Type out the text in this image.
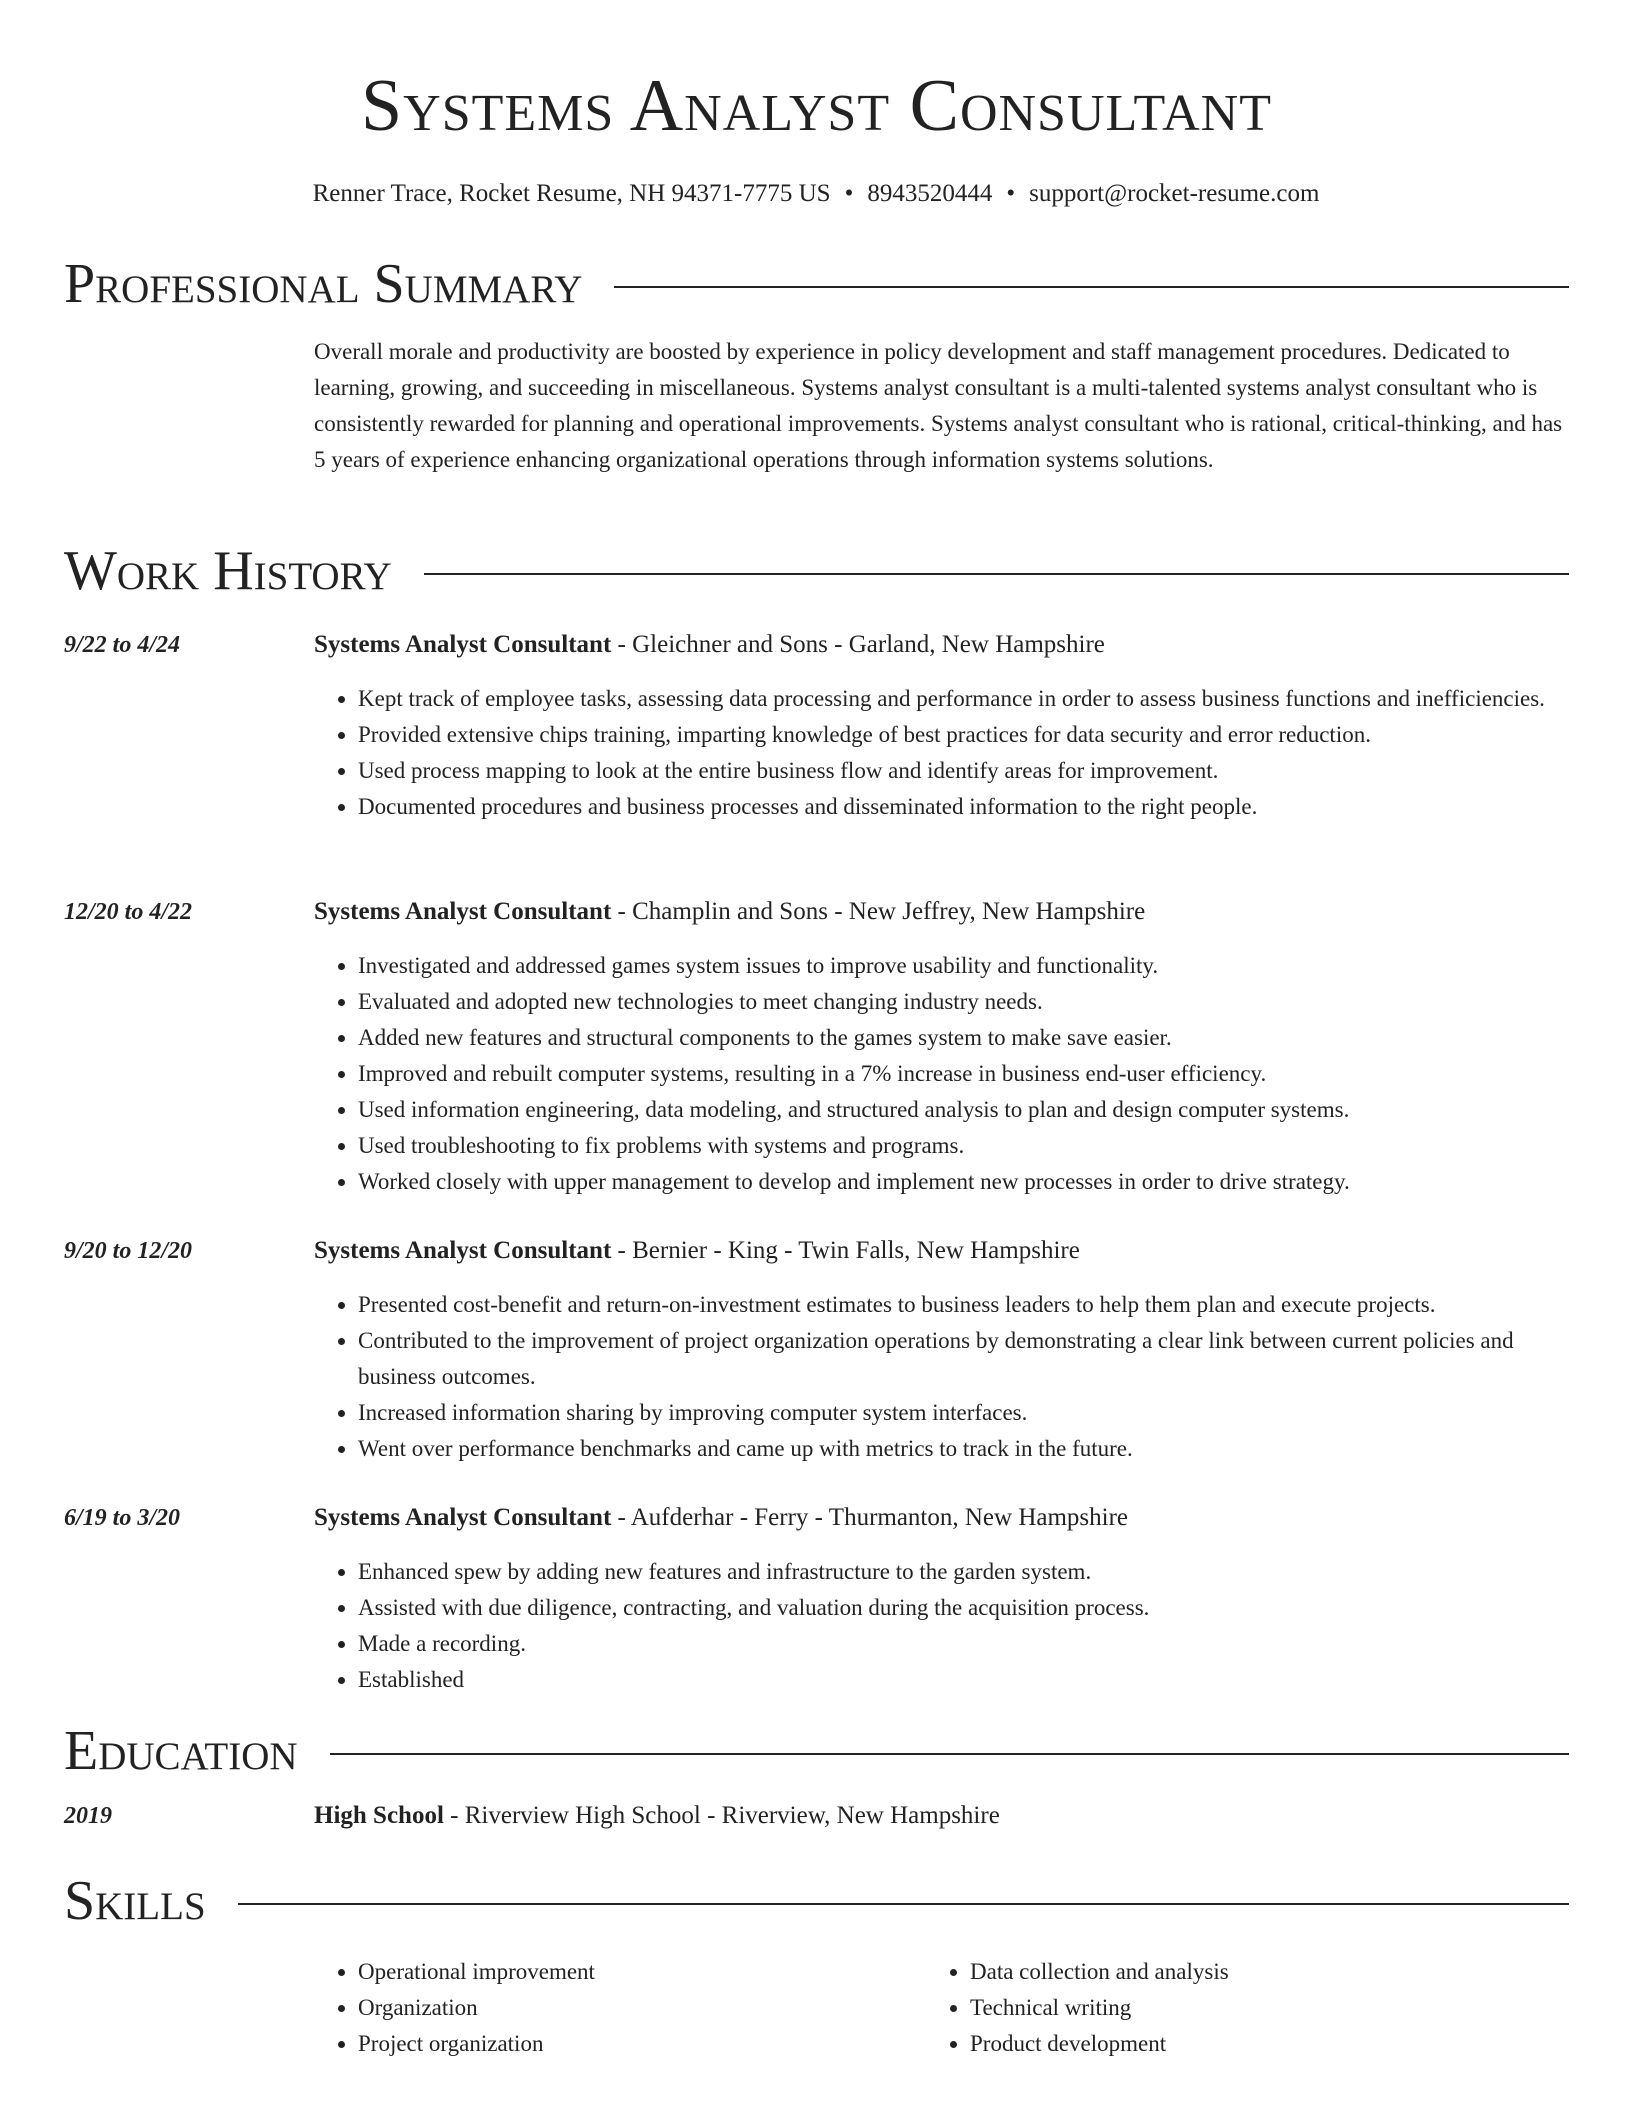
Systems Analyst Consultant
Renner Trace, Rocket Resume, NH 94371-7775 US • 8943520444 • support@rocket-resume.com
Professional Summary
Overall morale and productivity are boosted by experience in policy development and staff management procedures. Dedicated to learning, growing, and succeeding in miscellaneous. Systems analyst consultant is a multi-talented systems analyst consultant who is consistently rewarded for planning and operational improvements. Systems analyst consultant who is rational, critical-thinking, and has 5 years of experience enhancing organizational operations through information systems solutions.
Work History
9/22 to 4/24	Systems Analyst Consultant - Gleichner and Sons - Garland, New Hampshire
• Kept track of employee tasks, assessing data processing and performance in order to assess business functions and inefficiencies.
• Provided extensive chips training, imparting knowledge of best practices for data security and error reduction.
• Used process mapping to look at the entire business flow and identify areas for improvement.
• Documented procedures and business processes and disseminated information to the right people.
12/20 to 4/22	Systems Analyst Consultant - Champlin and Sons - New Jeffrey, New Hampshire
• Investigated and addressed games system issues to improve usability and functionality.
• Evaluated and adopted new technologies to meet changing industry needs.
• Added new features and structural components to the games system to make save easier.
• Improved and rebuilt computer systems, resulting in a 7% increase in business end-user efficiency.
• Used information engineering, data modeling, and structured analysis to plan and design computer systems.
• Used troubleshooting to fix problems with systems and programs.
• Worked closely with upper management to develop and implement new processes in order to drive strategy.
9/20 to 12/20	Systems Analyst Consultant - Bernier - King - Twin Falls, New Hampshire
• Presented cost-benefit and return-on-investment estimates to business leaders to help them plan and execute projects.
• Contributed to the improvement of project organization operations by demonstrating a clear link between current policies and business outcomes.
• Increased information sharing by improving computer system interfaces.
• Went over performance benchmarks and came up with metrics to track in the future.
6/19 to 3/20	Systems Analyst Consultant - Aufderhar - Ferry - Thurmanton, New Hampshire
• Enhanced spew by adding new features and infrastructure to the garden system.
• Assisted with due diligence, contracting, and valuation during the acquisition process.
• Made a recording.
• Established
Education
2019	High School - Riverview High School - Riverview, New Hampshire
Skills
• Operational improvement
• Organization
• Project organization
• Data collection and analysis
• Technical writing
• Product development
